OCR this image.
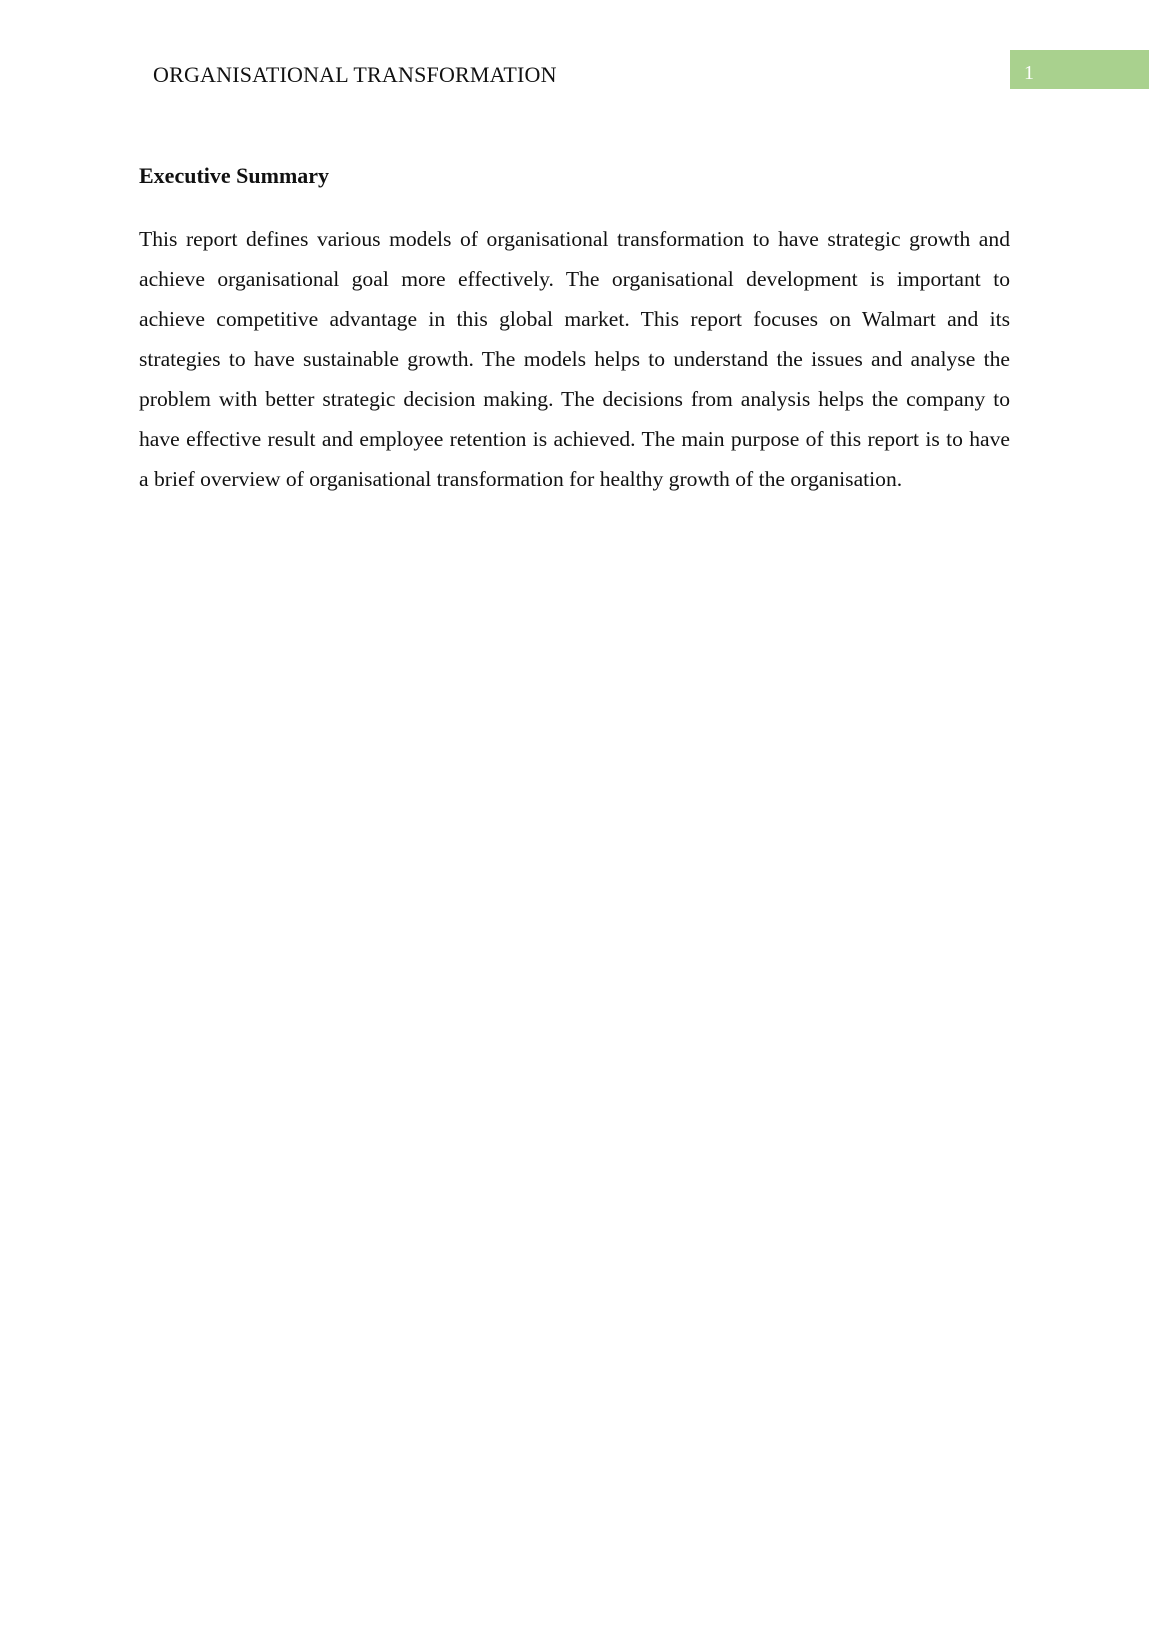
ORGANISATIONAL TRANSFORMATION	1
Executive Summary

This report defines various models of organisational transformation to have strategic growth and achieve organisational goal more effectively. The organisational development is important to achieve competitive advantage in this global market. This report focuses on Walmart and its strategies to have sustainable growth. The models helps to understand the issues and analyse the problem with better strategic decision making. The decisions from analysis helps the company to have effective result and employee retention is achieved. The main purpose of this report is to have a brief overview of organisational transformation for healthy growth of the organisation.
